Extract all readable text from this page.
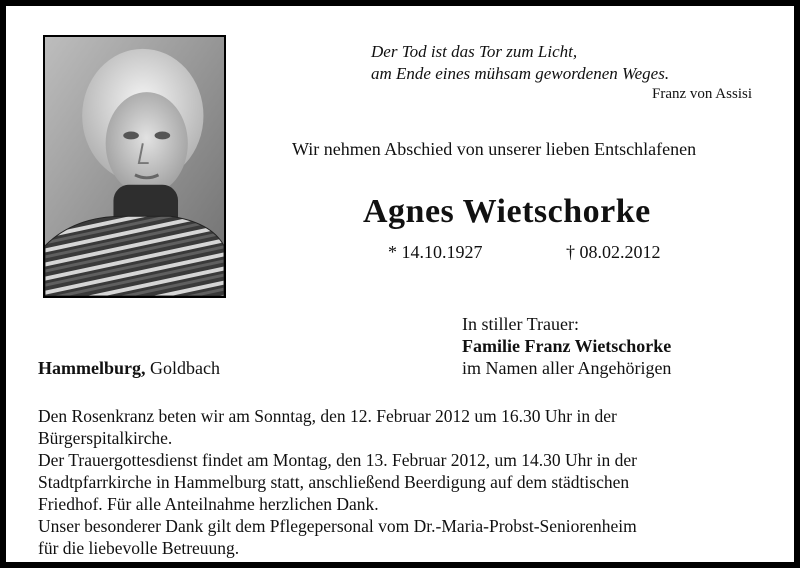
Der Tod ist das Tor zum Licht,
am Ende eines mühsam gewordenen Weges.
Franz von Assisi
Wir nehmen Abschied von unserer lieben Entschlafenen
Agnes Wietschorke
* 14.10.1927	† 08.02.2012
In stiller Trauer:
Familie Franz Wietschorke
im Namen aller Angehörigen
Hammelburg, Goldbach
Den Rosenkranz beten wir am Sonntag, den 12. Februar 2012 um 16.30 Uhr in der
Bürgerspitalkirche.
Der Trauergottesdienst findet am Montag, den 13. Februar 2012, um 14.30 Uhr in der
Stadtpfarrkirche in Hammelburg statt, anschließend Beerdigung auf dem städtischen
Friedhof. Für alle Anteilnahme herzlichen Dank.
Unser besonderer Dank gilt dem Pflegepersonal vom Dr.-Maria-Probst-Seniorenheim
für die liebevolle Betreuung.
